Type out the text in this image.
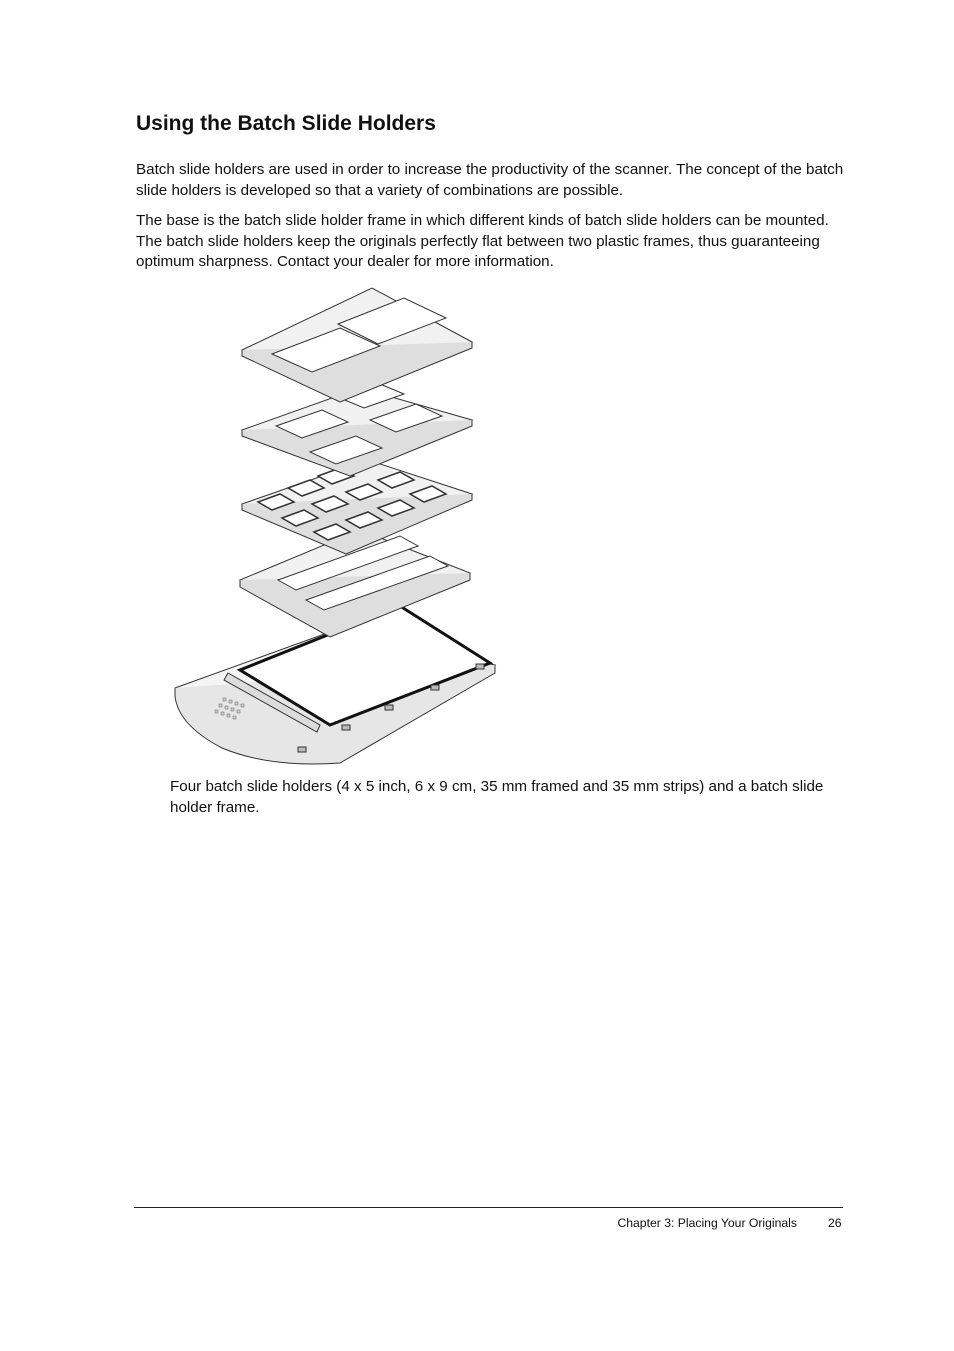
Using the Batch Slide Holders

Batch slide holders are used in order to increase the productivity of the scanner. The concept of the batch slide holders is developed so that a variety of combinations are possible.

The base is the batch slide holder frame in which different kinds of batch slide holders can be mounted. The batch slide holders keep the originals perfectly flat between two plastic frames, thus guaranteeing optimum sharpness. Contact your dealer for more information.

Four batch slide holders (4 x 5 inch, 6 x 9 cm, 35 mm framed and 35 mm strips) and a batch slide holder frame.

Chapter 3: Placing Your Originals	26
